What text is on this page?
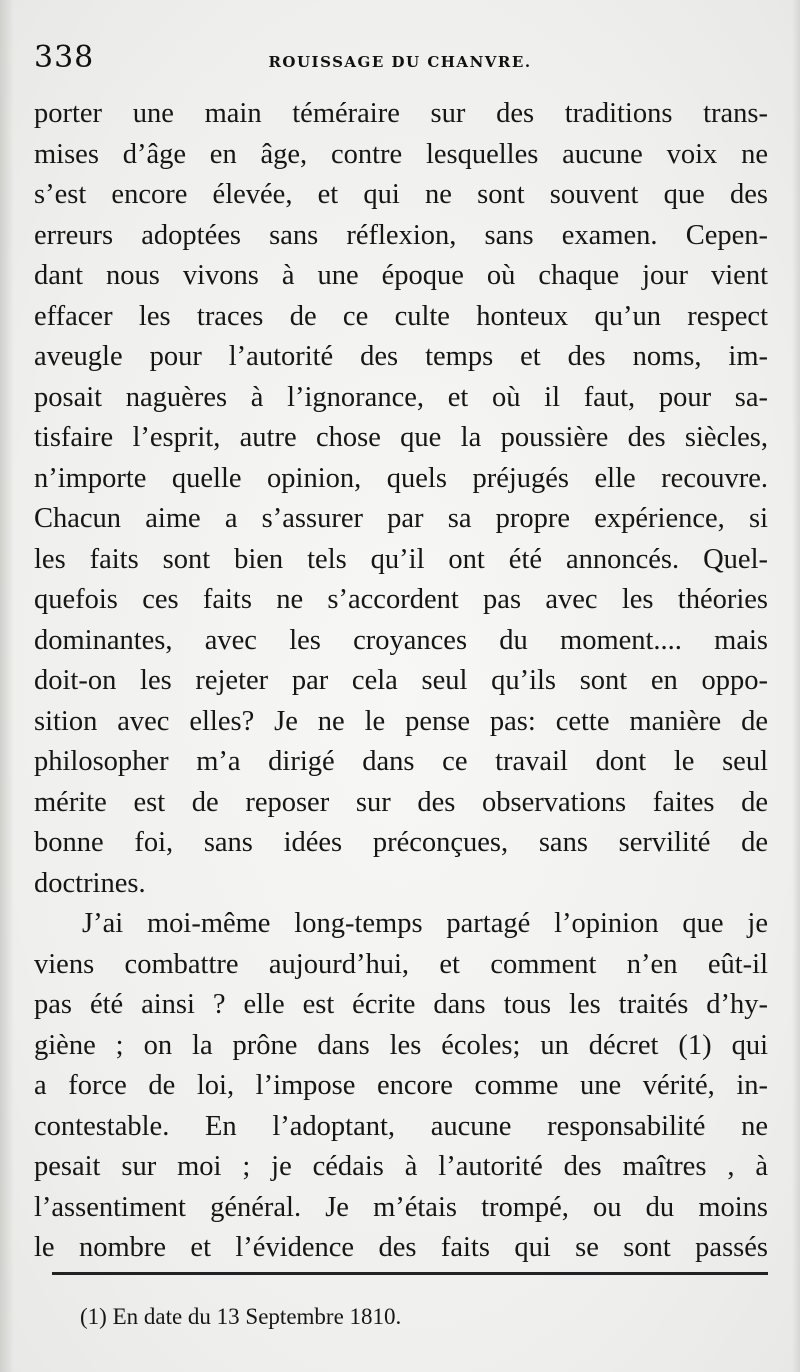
338	ROUISSAGE DU CHANVRE.
porter une main téméraire sur des traditions trans-
mises d’âge en âge, contre lesquelles aucune voix ne
s’est encore élevée, et qui ne sont souvent que des
erreurs adoptées sans réflexion, sans examen. Cepen-
dant nous vivons à une époque où chaque jour vient
effacer les traces de ce culte honteux qu’un respect
aveugle pour l’autorité des temps et des noms, im-
posait naguères à l’ignorance, et où il faut, pour sa-
tisfaire l’esprit, autre chose que la poussière des siècles,
n’importe quelle opinion, quels préjugés elle recouvre.
Chacun aime a s’assurer par sa propre expérience, si
les faits sont bien tels qu’il ont été annoncés. Quel-
quefois ces faits ne s’accordent pas avec les théories
dominantes, avec les croyances du moment.... mais
doit-on les rejeter par cela seul qu’ils sont en oppo-
sition avec elles? Je ne le pense pas: cette manière de
philosopher m’a dirigé dans ce travail dont le seul
mérite est de reposer sur des observations faites de
bonne foi, sans idées préconçues, sans servilité de
doctrines.
J’ai moi-même long-temps partagé l’opinion que je
viens combattre aujourd’hui, et comment n’en eût-il
pas été ainsi ? elle est écrite dans tous les traités d’hy-
giène ; on la prône dans les écoles; un décret (1) qui
a force de loi, l’impose encore comme une vérité, in-
contestable. En l’adoptant, aucune responsabilité ne
pesait sur moi ; je cédais à l’autorité des maîtres , à
l’assentiment général. Je m’étais trompé, ou du moins
le nombre et l’évidence des faits qui se sont passés
(1) En date du 13 Septembre 1810.
